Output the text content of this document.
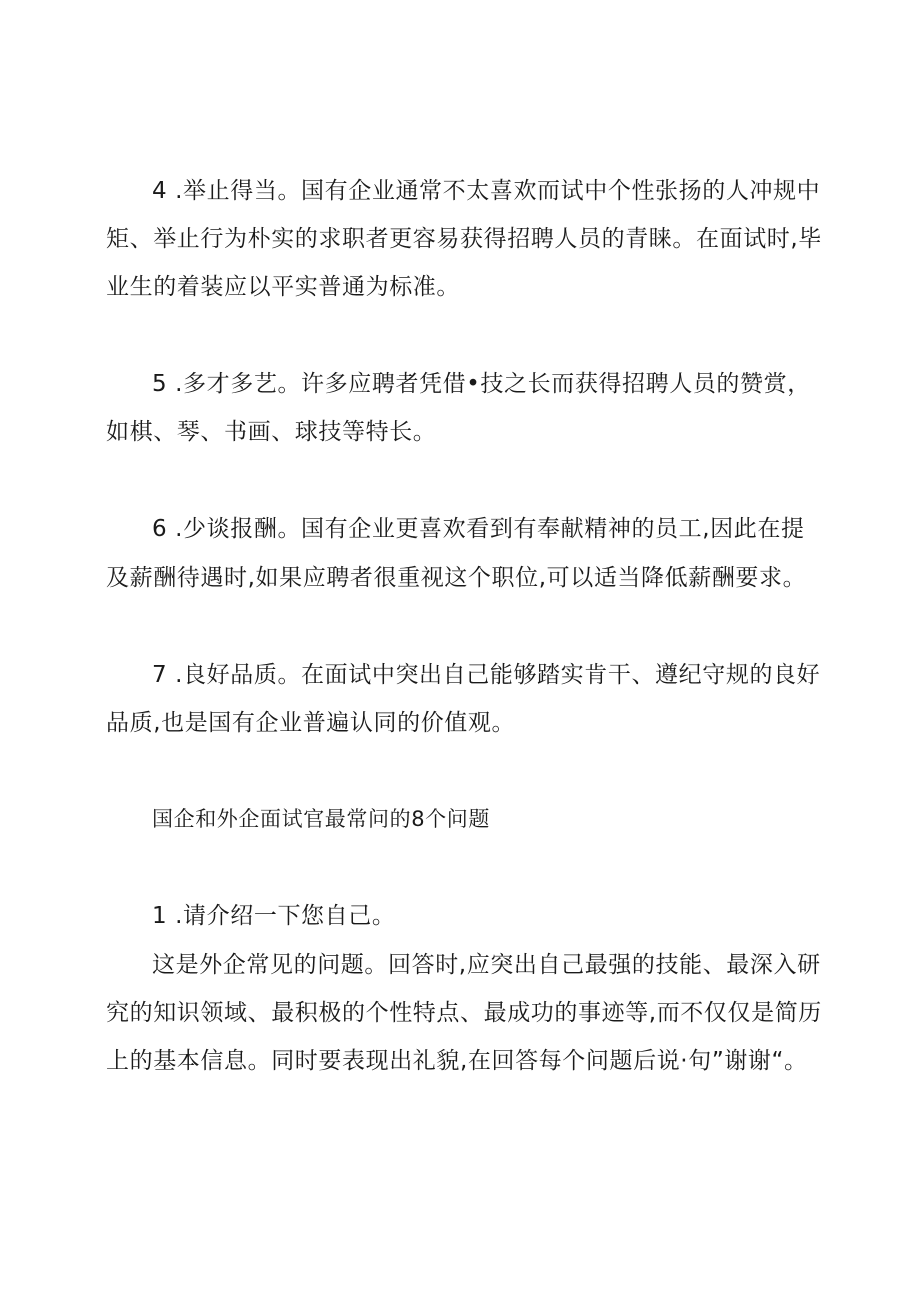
4 .举止得当。国有企业通常不太喜欢而试中个性张扬的人冲规中
矩、举止行为朴实的求职者更容易获得招聘人员的青睐。在面试时,毕
业生的着装应以平实普通为标准。
5 .多才多艺。许多应聘者凭借•技之长而获得招聘人员的赞赏，
如棋、琴、书画、球技等特长。
6 .少谈报酬。国有企业更喜欢看到有奉献精神的员工,因此在提
及薪酬待遇时,如果应聘者很重视这个职位,可以适当降低薪酬要求。
7 .良好品质。在面试中突出自己能够踏实肯干、遵纪守规的良好
品质,也是国有企业普遍认同的价值观。
国企和外企面试官最常问的8个问题
1 .请介绍一下您自己。
这是外企常见的问题。回答时,应突出自己最强的技能、最深入研
究的知识领域、最积极的个性特点、最成功的事迹等,而不仅仅是简历
上的基本信息。同时要表现出礼貌,在回答每个问题后说·句”谢谢“。
